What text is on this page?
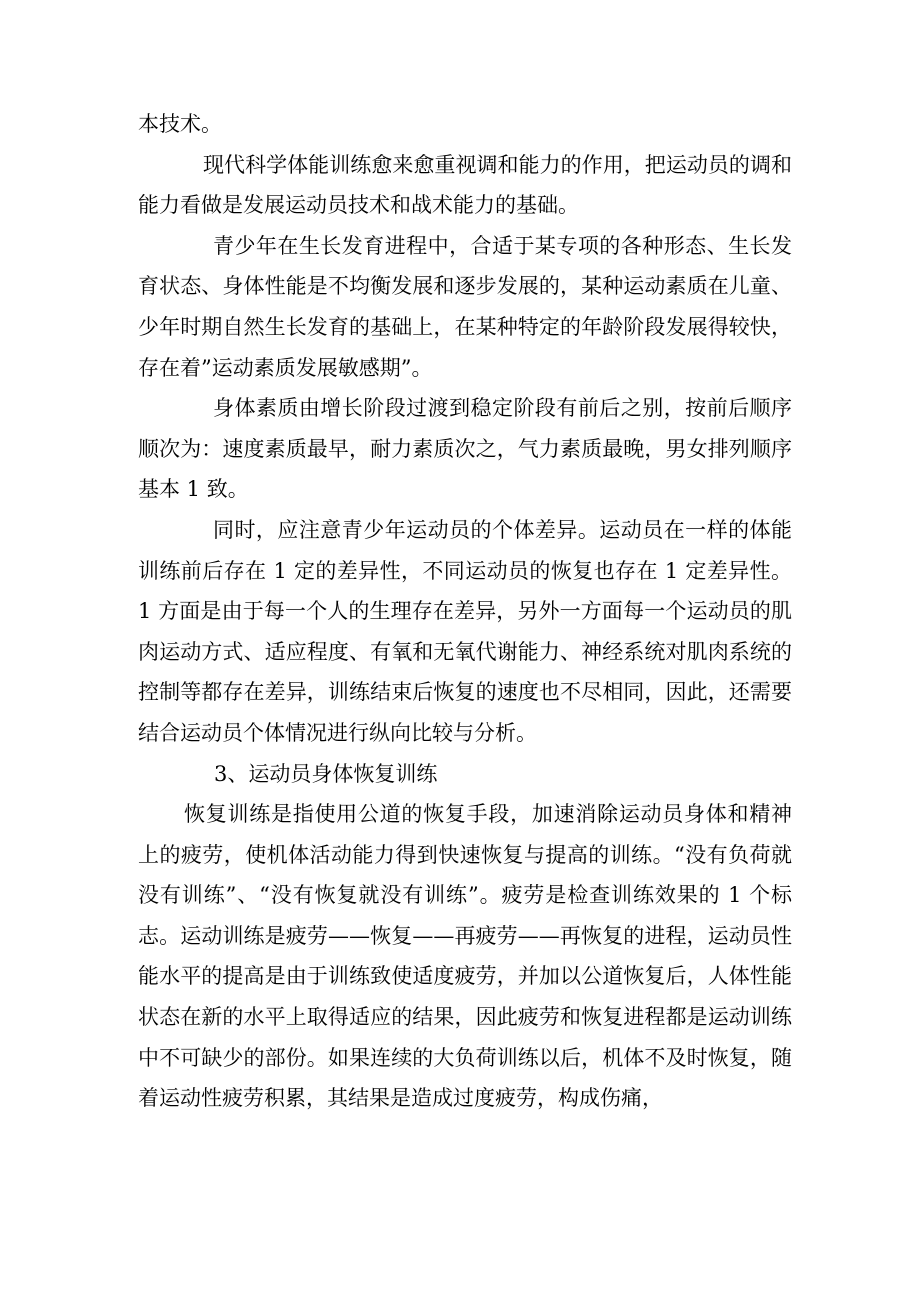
本技术。

现代科学体能训练愈来愈重视调和能力的作用，把运动员的调和能力看做是发展运动员技术和战术能力的基础。

青少年在生长发育进程中，合适于某专项的各种形态、生长发育状态、身体性能是不均衡发展和逐步发展的，某种运动素质在儿童、少年时期自然生长发育的基础上，在某种特定的年龄阶段发展得较快，存在着”运动素质发展敏感期”。

身体素质由增长阶段过渡到稳定阶段有前后之别，按前后顺序顺次为：速度素质最早，耐力素质次之，气力素质最晚，男女排列顺序基本 1 致。

同时，应注意青少年运动员的个体差异。运动员在一样的体能训练前后存在 1 定的差异性，不同运动员的恢复也存在 1 定差异性。1 方面是由于每一个人的生理存在差异，另外一方面每一个运动员的肌肉运动方式、适应程度、有氧和无氧代谢能力、神经系统对肌肉系统的控制等都存在差异，训练结束后恢复的速度也不尽相同，因此，还需要结合运动员个体情况进行纵向比较与分析。

3、运动员身体恢复训练

恢复训练是指使用公道的恢复手段，加速消除运动员身体和精神上的疲劳，使机体活动能力得到快速恢复与提高的训练。“没有负荷就没有训练”、“没有恢复就没有训练”。疲劳是检查训练效果的 1 个标志。运动训练是疲劳——恢复——再疲劳——再恢复的进程，运动员性能水平的提高是由于训练致使适度疲劳，并加以公道恢复后，人体性能状态在新的水平上取得适应的结果，因此疲劳和恢复进程都是运动训练中不可缺少的部份。如果连续的大负荷训练以后，机体不及时恢复，随着运动性疲劳积累，其结果是造成过度疲劳，构成伤痛，
